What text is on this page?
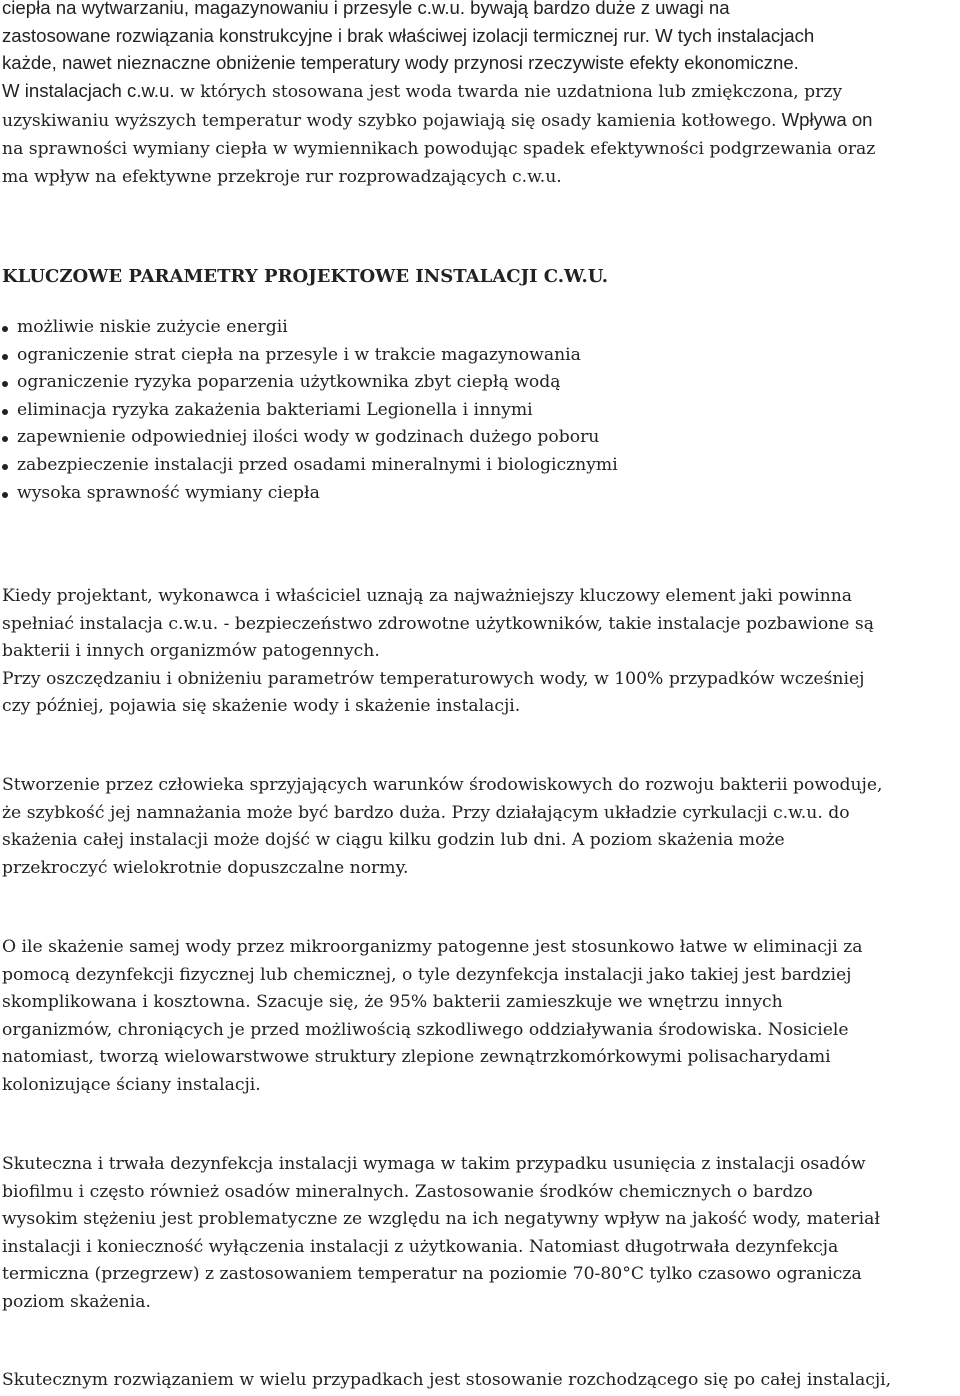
ciepła na wytwarzaniu, magazynowaniu i przesyle c.w.u. bywają bardzo duże z uwagi na

zastosowane rozwiązania konstrukcyjne i brak właściwej izolacji termicznej rur. W tych instalacjach

każde, nawet nieznaczne obniżenie temperatury wody przynosi rzeczywiste efekty ekonomiczne.

W instalacjach c.w.u. w których stosowana jest woda twarda nie uzdatniona lub zmiękczona, przy

uzyskiwaniu wyższych temperatur wody szybko pojawiają się osady kamienia kotłowego. Wpływa on

na sprawności wymiany ciepła w wymiennikach powodując spadek efektywności podgrzewania oraz

ma wpływ na efektywne przekroje rur rozprowadzających c.w.u.

KLUCZOWE PARAMETRY PROJEKTOWE INSTALACJI C.W.U.
możliwie niskie zużycie energii
ograniczenie strat ciepła na przesyle i w trakcie magazynowania
ograniczenie ryzyka poparzenia użytkownika zbyt ciepłą wodą
eliminacja ryzyka zakażenia bakteriami Legionella i innymi
zapewnienie odpowiedniej ilości wody w godzinach dużego poboru
zabezpieczenie instalacji przed osadami mineralnymi i biologicznymi
wysoka sprawność wymiany ciepła

Kiedy projektant, wykonawca i właściciel uznają za najważniejszy kluczowy element jaki powinna

spełniać instalacja c.w.u. - bezpieczeństwo zdrowotne użytkowników, takie instalacje pozbawione są

bakterii i innych organizmów patogennych.

Przy oszczędzaniu i obniżeniu parametrów temperaturowych wody, w 100% przypadków wcześniej

czy później, pojawia się skażenie wody i skażenie instalacji.

Stworzenie przez człowieka sprzyjających warunków środowiskowych do rozwoju bakterii powoduje,

że szybkość jej namnażania może być bardzo duża. Przy działającym układzie cyrkulacji c.w.u. do

skażenia całej instalacji może dojść w ciągu kilku godzin lub dni. A poziom skażenia może

przekroczyć wielokrotnie dopuszczalne normy.

O ile skażenie samej wody przez mikroorganizmy patogenne jest stosunkowo łatwe w eliminacji za

pomocą dezynfekcji fizycznej lub chemicznej, o tyle dezynfekcja instalacji jako takiej jest bardziej

skomplikowana i kosztowna. Szacuje się, że 95% bakterii zamieszkuje we wnętrzu innych

organizmów, chroniących je przed możliwością szkodliwego oddziaływania środowiska. Nosiciele

natomiast, tworzą wielowarstwowe struktury zlepione zewnątrzkomórkowymi polisacharydami

kolonizujące ściany instalacji.

Skuteczna i trwała dezynfekcja instalacji wymaga w takim przypadku usunięcia z instalacji osadów

biofilmu i często również osadów mineralnych. Zastosowanie środków chemicznych o bardzo

wysokim stężeniu jest problematyczne ze względu na ich negatywny wpływ na jakość wody, materiał

instalacji i konieczność wyłączenia instalacji z użytkowania. Natomiast długotrwała dezynfekcja

termiczna (przegrzew) z zastosowaniem temperatur na poziomie 70-80°C tylko czasowo ogranicza

poziom skażenia.

Skutecznym rozwiązaniem w wielu przypadkach jest stosowanie rozchodzącego się po całej instalacji,
